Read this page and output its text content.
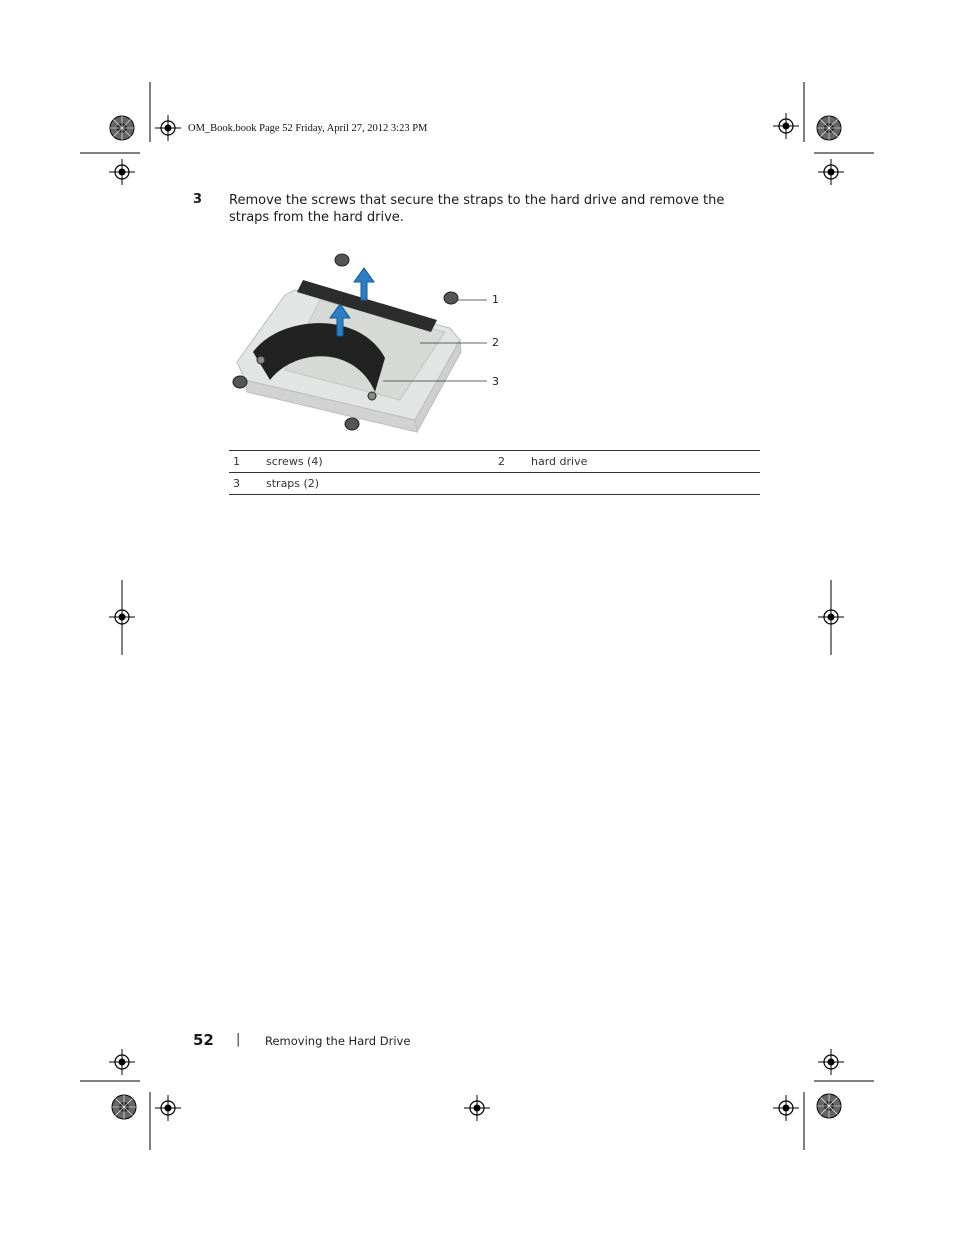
OM_Book.book Page 52 Friday, April 27, 2012 3:23 PM
3 Remove the screws that secure the straps to the hard drive and remove the straps from the hard drive.
1
2
3
1	screws (4)	2	hard drive
3	straps (2)		
52 | Removing the Hard Drive
